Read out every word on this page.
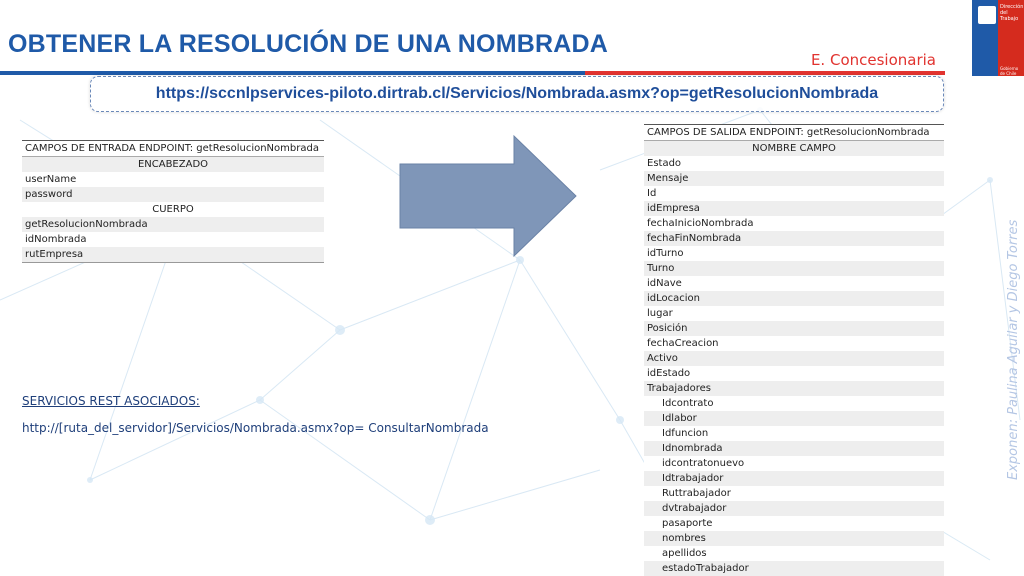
OBTENER LA RESOLUCIÓN DE UNA NOMBRADA
E. Concesionaria
Dirección del Trabajo
Gobierno de Chile
https://sccnlpservices-piloto.dirtrab.cl/Servicios/Nombrada.asmx?op=getResolucionNombrada
CAMPOS DE ENTRADA ENDPOINT: getResolucionNombrada
ENCABEZADO
userName
password
CUERPO
getResolucionNombrada
idNombrada
rutEmpresa
CAMPOS DE SALIDA ENDPOINT: getResolucionNombrada
NOMBRE CAMPO
Estado
Mensaje
Id
idEmpresa
fechaInicioNombrada
fechaFinNombrada
idTurno
Turno
idNave
idLocacion
lugar
Posición
fechaCreacion
Activo
idEstado
Trabajadores
Idcontrato
Idlabor
Idfuncion
Idnombrada
idcontratonuevo
Idtrabajador
Ruttrabajador
dvtrabajador
pasaporte
nombres
apellidos
estadoTrabajador
SERVICIOS REST ASOCIADOS:
http://[ruta_del_servidor]/Servicios/Nombrada.asmx?op= ConsultarNombrada	Exponen: Paulina Aguilar y Diego Torres
